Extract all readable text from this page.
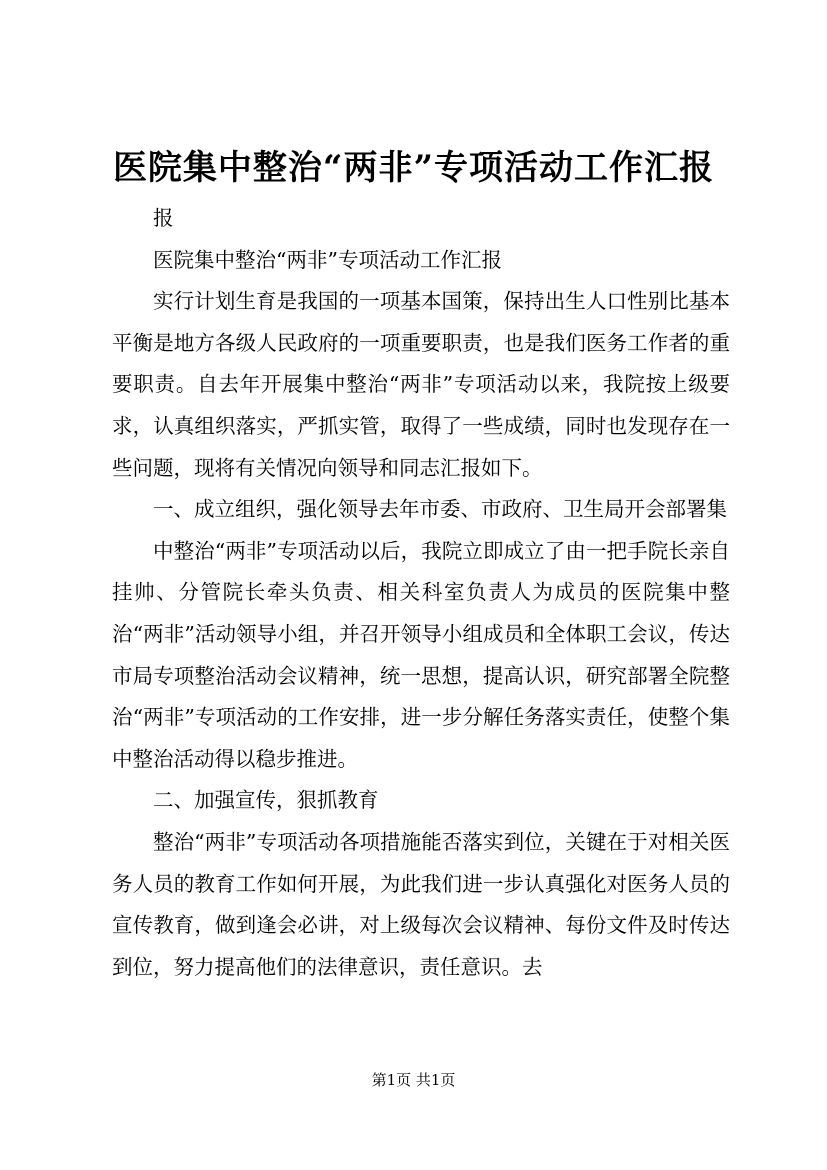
医院集中整治“两非”专项活动工作汇报

报

医院集中整治“两非”专项活动工作汇报

实行计划生育是我国的一项基本国策，保持出生人口性别比基本平衡是地方各级人民政府的一项重要职责，也是我们医务工作者的重要职责。自去年开展集中整治“两非”专项活动以来，我院按上级要求，认真组织落实，严抓实管，取得了一些成绩，同时也发现存在一些问题，现将有关情况向领导和同志汇报如下。

一、成立组织，强化领导去年市委、市政府、卫生局开会部署集

中整治“两非”专项活动以后，我院立即成立了由一把手院长亲自挂帅、分管院长牵头负责、相关科室负责人为成员的医院集中整治“两非”活动领导小组，并召开领导小组成员和全体职工会议，传达市局专项整治活动会议精神，统一思想，提高认识，研究部署全院整治“两非”专项活动的工作安排，进一步分解任务落实责任，使整个集中整治活动得以稳步推进。

二、加强宣传，狠抓教育

整治“两非”专项活动各项措施能否落实到位，关键在于对相关医务人员的教育工作如何开展，为此我们进一步认真强化对医务人员的宣传教育，做到逢会必讲，对上级每次会议精神、每份文件及时传达到位，努力提高他们的法律意识，责任意识。去

第1页 共1页
